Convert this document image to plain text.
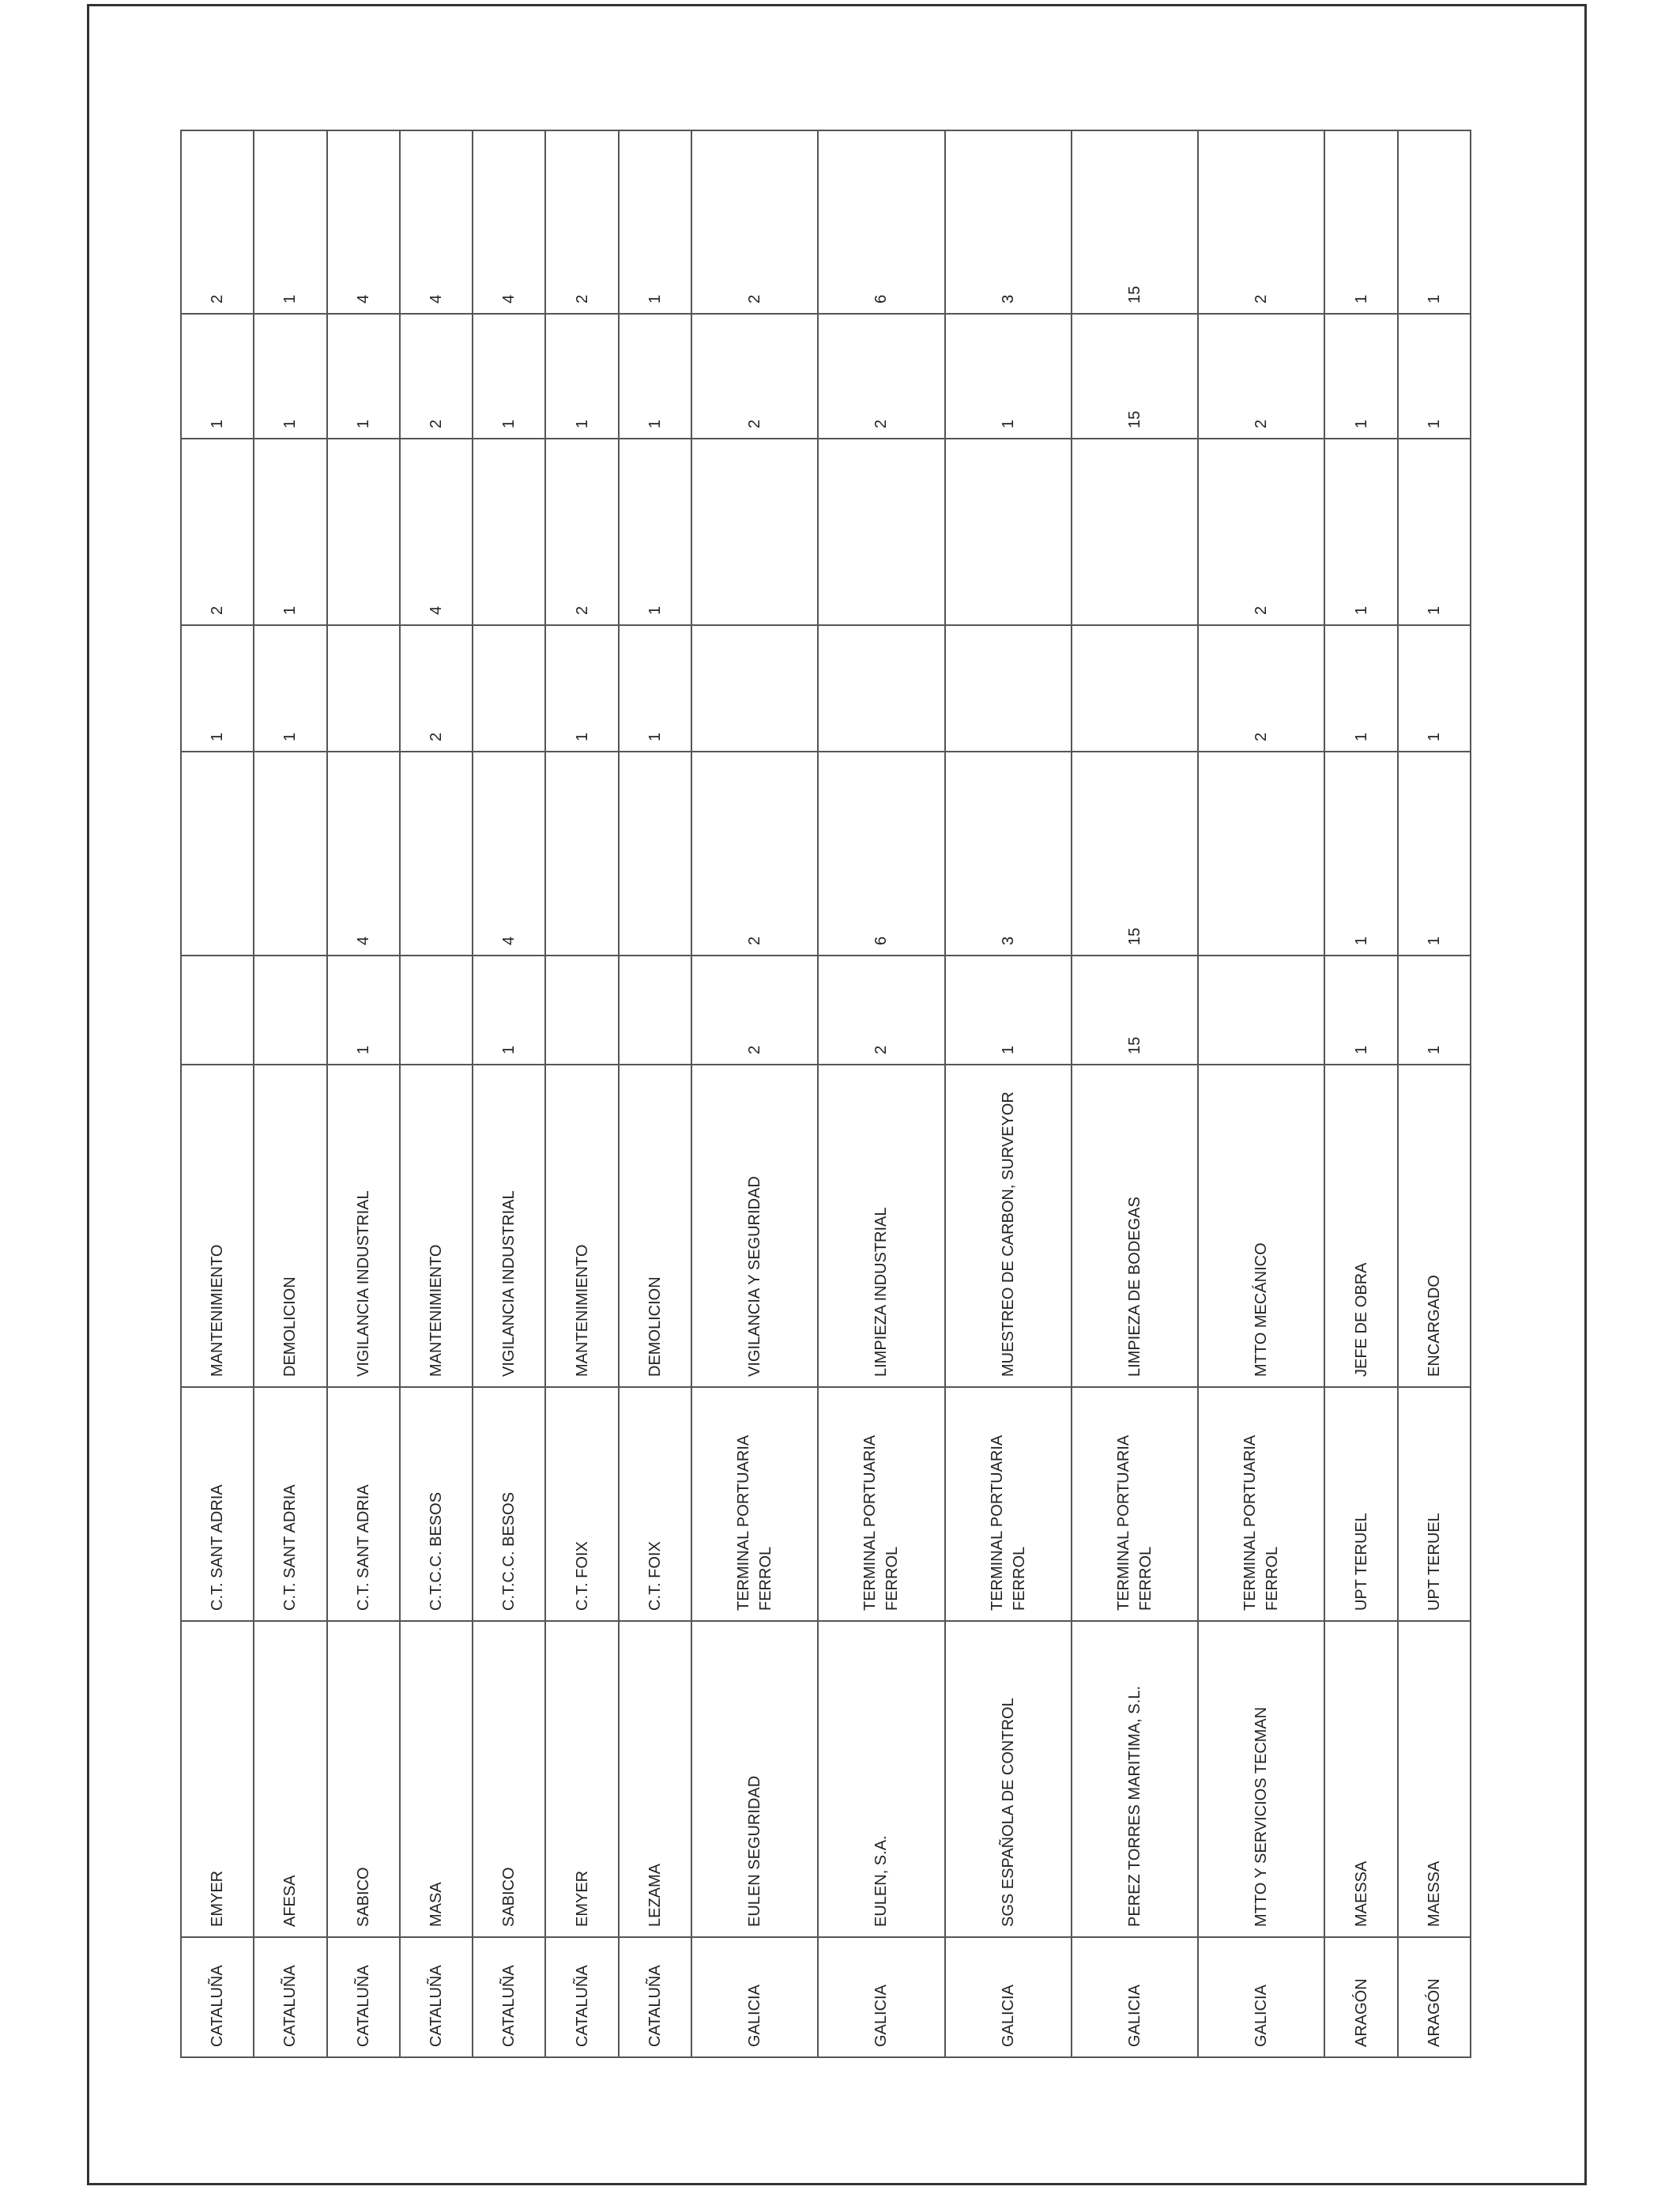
CATALUÑA	EMYER	C.T. SANT ADRIA	MANTENIMIENTO			1	2	1	2
CATALUÑA	AFESA	C.T. SANT ADRIA	DEMOLICION			1	1	1	1
CATALUÑA	SABICO	C.T. SANT ADRIA	VIGILANCIA INDUSTRIAL	1	4			1	4
CATALUÑA	MASA	C.T.C.C. BESOS	MANTENIMIENTO			2	4	2	4
CATALUÑA	SABICO	C.T.C.C. BESOS	VIGILANCIA INDUSTRIAL	1	4			1	4
CATALUÑA	EMYER	C.T. FOIX	MANTENIMIENTO			1	2	1	2
CATALUÑA	LEZAMA	C.T. FOIX	DEMOLICION			1	1	1	1
GALICIA	EULEN SEGURIDAD	TERMINAL PORTUARIA FERROL	VIGILANCIA Y SEGURIDAD	2	2			2	2
GALICIA	EULEN, S.A.	TERMINAL PORTUARIA FERROL	LIMPIEZA INDUSTRIAL	2	6			2	6
GALICIA	SGS ESPAÑOLA DE CONTROL	TERMINAL PORTUARIA FERROL	MUESTREO DE CARBON, SURVEYOR	1	3			1	3
GALICIA	PEREZ TORRES MARITIMA, S.L.	TERMINAL PORTUARIA FERROL	LIMPIEZA DE BODEGAS	15	15			15	15
GALICIA	MTTO Y SERVICIOS TECMAN	TERMINAL PORTUARIA FERROL	MTTO MECÁNICO			2	2	2	2
ARAGÓN	MAESSA	UPT TERUEL	JEFE DE OBRA	1	1	1	1	1	1
ARAGÓN	MAESSA	UPT TERUEL	ENCARGADO	1	1	1	1	1	1
